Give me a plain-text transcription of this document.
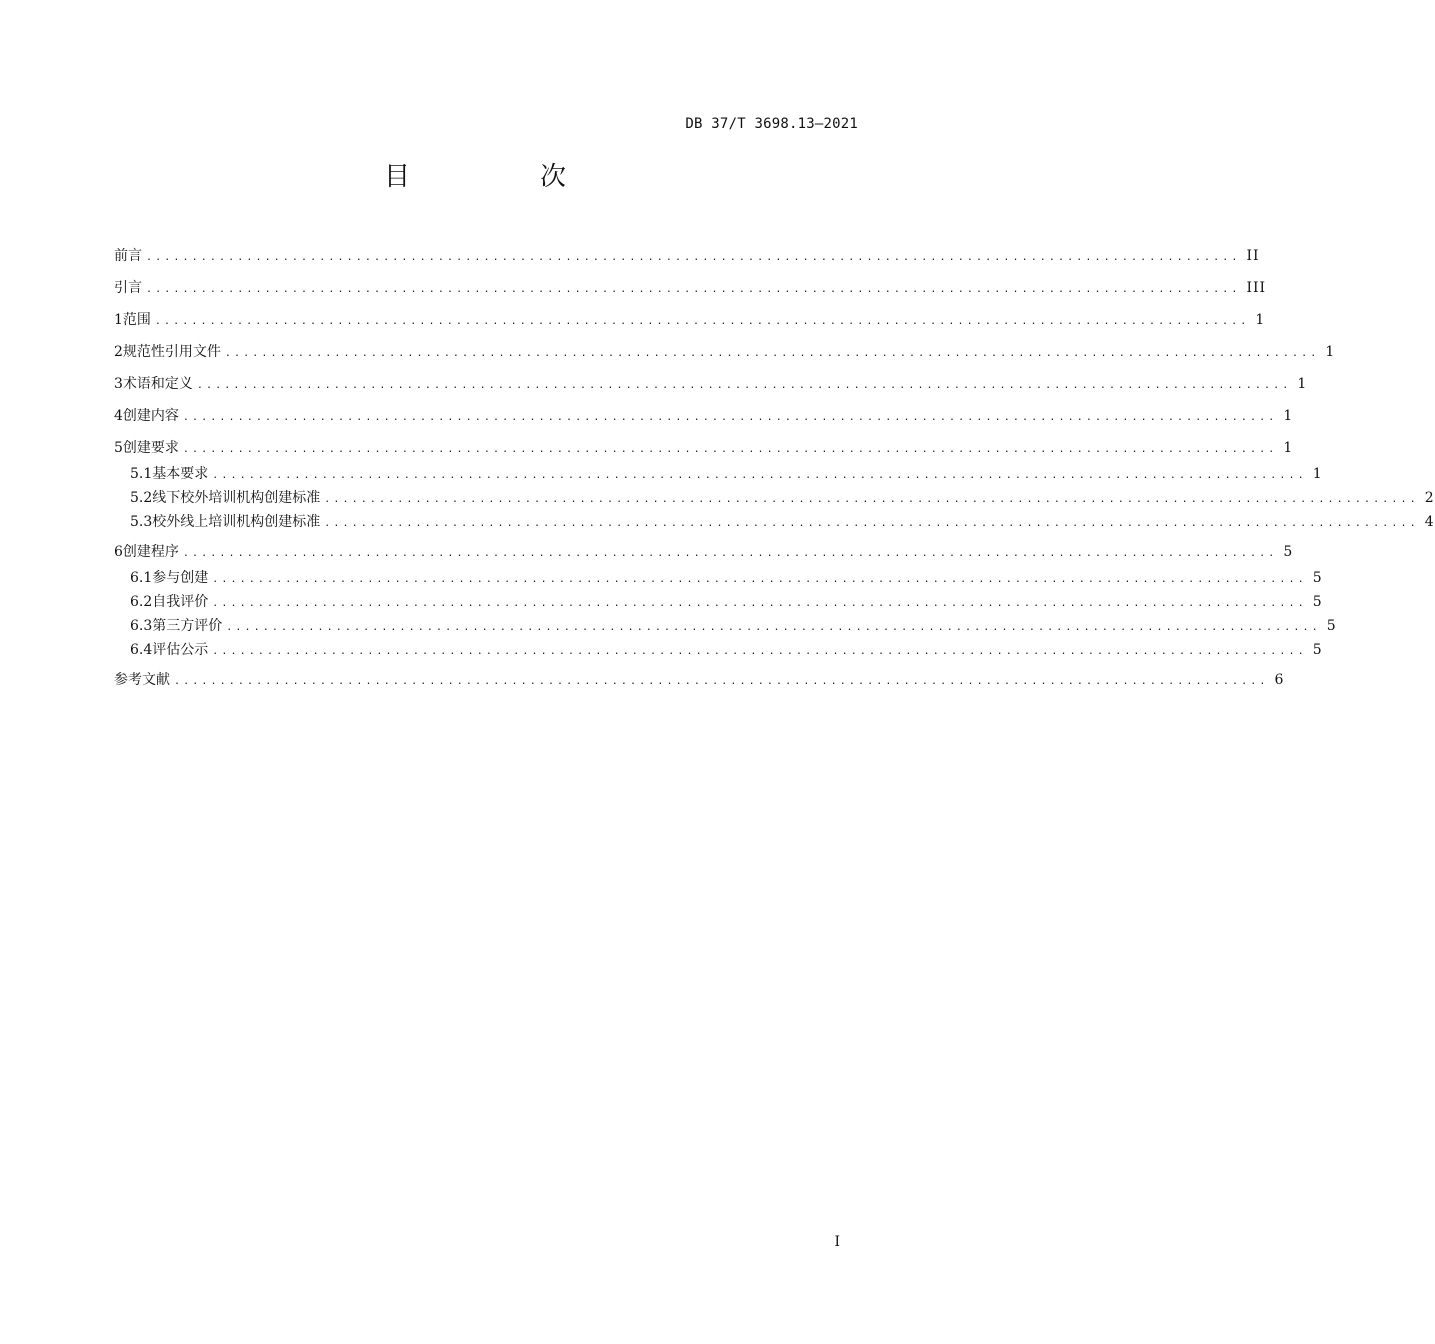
DB 37/T 3698.13—2021
目　次
前言 ........................................................................................................................ II
引言 ........................................................................................................................ III
1 范围 ........................................................................................................................ 1
2 规范性引用文件 ........................................................................................................................ 1
3 术语和定义 ........................................................................................................................ 1
4 创建内容 ........................................................................................................................ 1
5 创建要求 ........................................................................................................................ 1
5.1 基本要求 ........................................................................................................................ 1
5.2 线下校外培训机构创建标准 ........................................................................................................................ 2
5.3 校外线上培训机构创建标准 ........................................................................................................................ 4
6 创建程序 ........................................................................................................................ 5
6.1 参与创建 ........................................................................................................................ 5
6.2 自我评价 ........................................................................................................................ 5
6.3 第三方评价 ........................................................................................................................ 5
6.4 评估公示 ........................................................................................................................ 5
参考文献 ........................................................................................................................ 6
I
